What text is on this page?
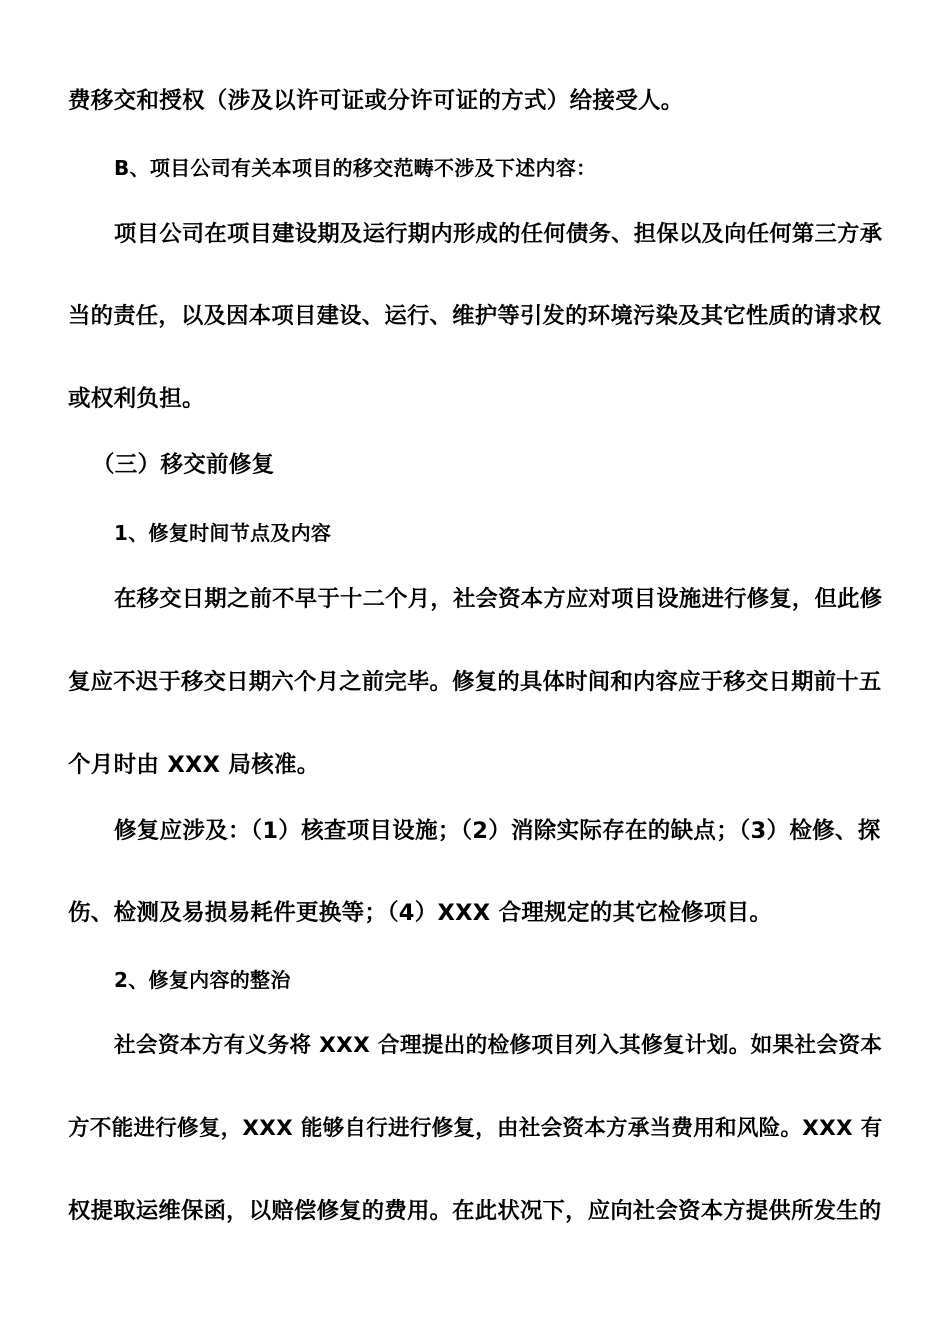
费移交和授权（涉及以许可证或分许可证的方式）给接受人。
B、项目公司有关本项目的移交范畴不涉及下述内容：
项目公司在项目建设期及运行期内形成的任何债务、担保以及向任何第三方承
当的责任，以及因本项目建设、运行、维护等引发的环境污染及其它性质的请求权
或权利负担。
（三）移交前修复
1、修复时间节点及内容
在移交日期之前不早于十二个月，社会资本方应对项目设施进行修复，但此修
复应不迟于移交日期六个月之前完毕。修复的具体时间和内容应于移交日期前十五
个月时由 XXX 局核准。
修复应涉及：（1）核查项目设施；（2）消除实际存在的缺点；（3）检修、探
伤、检测及易损易耗件更换等；（4）XXX 合理规定的其它检修项目。
2、修复内容的整治
社会资本方有义务将 XXX 合理提出的检修项目列入其修复计划。如果社会资本
方不能进行修复，XXX 能够自行进行修复，由社会资本方承当费用和风险。XXX 有
权提取运维保函，以赔偿修复的费用。在此状况下，应向社会资本方提供所发生的
